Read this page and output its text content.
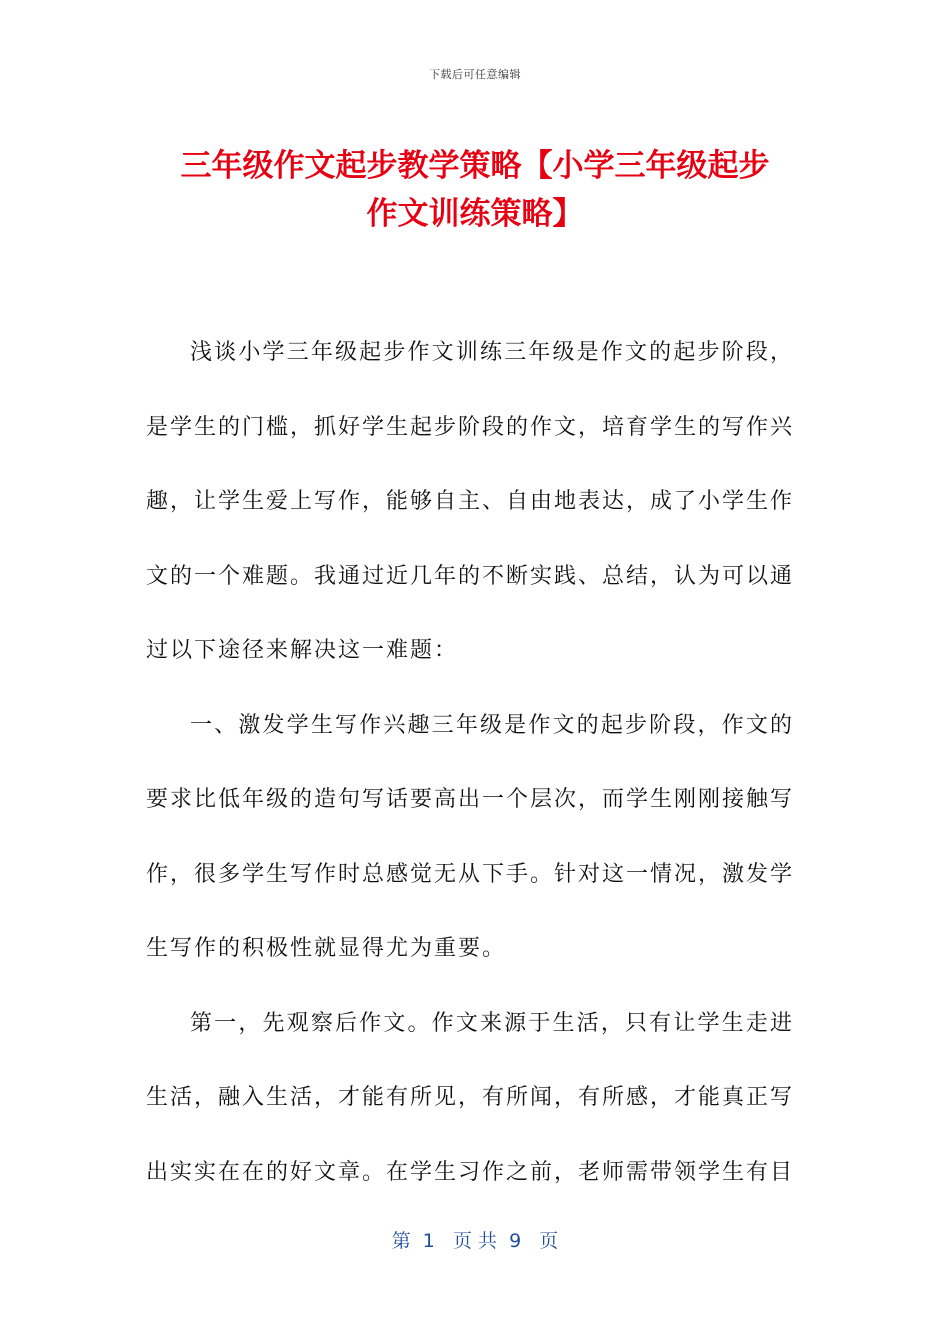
下载后可任意编辑
三年级作文起步教学策略【小学三年级起步
作文训练策略】

浅谈小学三年级起步作文训练三年级是作文的起步阶段，是学生的门槛，抓好学生起步阶段的作文，培育学生的写作兴趣，让学生爱上写作，能够自主、自由地表达，成了小学生作文的一个难题。我通过近几年的不断实践、总结，认为可以通过以下途径来解决这一难题：

一、激发学生写作兴趣三年级是作文的起步阶段，作文的要求比低年级的造句写话要高出一个层次，而学生刚刚接触写作，很多学生写作时总感觉无从下手。针对这一情况，激发学生写作的积极性就显得尤为重要。

第一，先观察后作文。作文来源于生活，只有让学生走进生活，融入生活，才能有所见，有所闻，有所感，才能真正写出实实在在的好文章。在学生习作之前，老师需带领学生有目

第  1   页 共  9   页
